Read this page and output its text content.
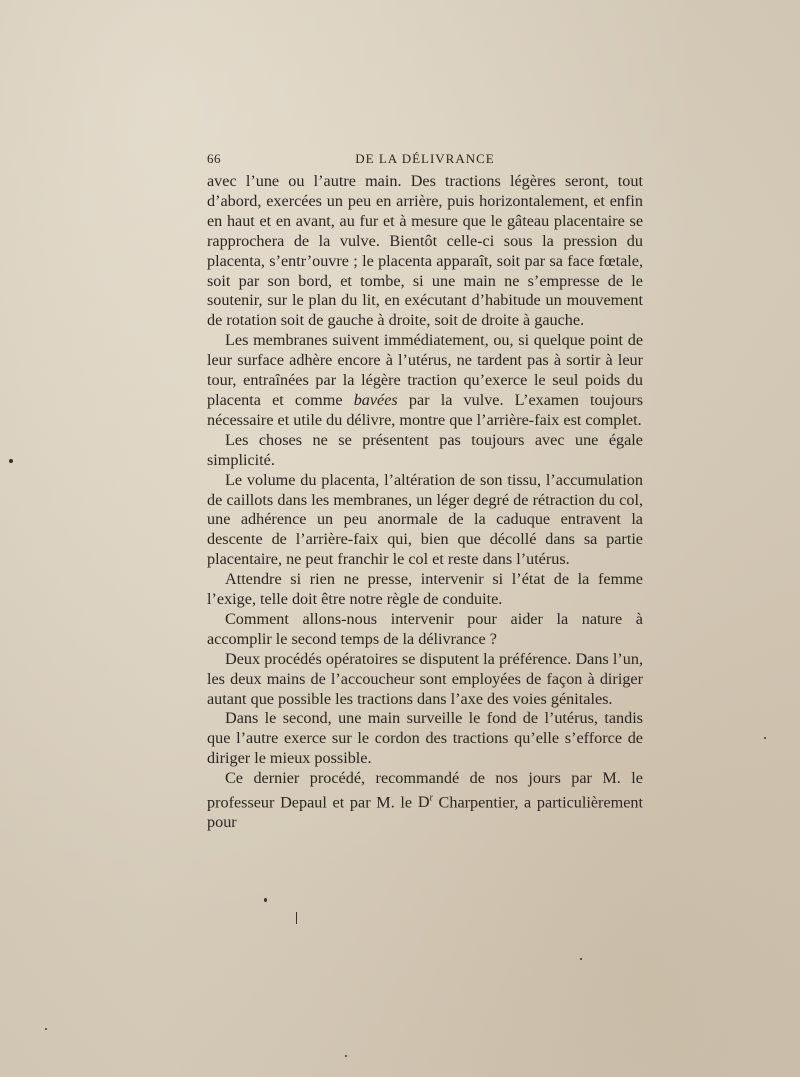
66	DE LA DÉLIVRANCE

avec l’une ou l’autre main. Des tractions légères seront, tout d’abord, exercées un peu en arrière, puis horizontalement, et enfin en haut et en avant, au fur et à mesure que le gâteau placentaire se rapprochera de la vulve. Bientôt celle-ci sous la pression du placenta, s’entr’ouvre ; le placenta apparaît, soit par sa face fœtale, soit par son bord, et tombe, si une main ne s’empresse de le soutenir, sur le plan du lit, en exécutant d’habitude un mouvement de rotation soit de gauche à droite, soit de droite à gauche.

Les membranes suivent immédiatement, ou, si quelque point de leur surface adhère encore à l’utérus, ne tardent pas à sortir à leur tour, entraînées par la légère traction qu’exerce le seul poids du placenta et comme bavées par la vulve. L’examen toujours nécessaire et utile du délivre, montre que l’arrière-faix est complet.

Les choses ne se présentent pas toujours avec une égale simplicité.

Le volume du placenta, l’altération de son tissu, l’accumulation de caillots dans les membranes, un léger degré de rétraction du col, une adhérence un peu anormale de la caduque entravent la descente de l’arrière-faix qui, bien que décollé dans sa partie placentaire, ne peut franchir le col et reste dans l’utérus.

Attendre si rien ne presse, intervenir si l’état de la femme l’exige, telle doit être notre règle de conduite.

Comment allons-nous intervenir pour aider la nature à accomplir le second temps de la délivrance ?

Deux procédés opératoires se disputent la préférence. Dans l’un, les deux mains de l’accoucheur sont employées de façon à diriger autant que possible les tractions dans l’axe des voies génitales.

Dans le second, une main surveille le fond de l’utérus, tandis que l’autre exerce sur le cordon des tractions qu’elle s’efforce de diriger le mieux possible.

Ce dernier procédé, recommandé de nos jours par M. le professeur Depaul et par M. le $D^r$ Charpentier, a particulièrement pour
